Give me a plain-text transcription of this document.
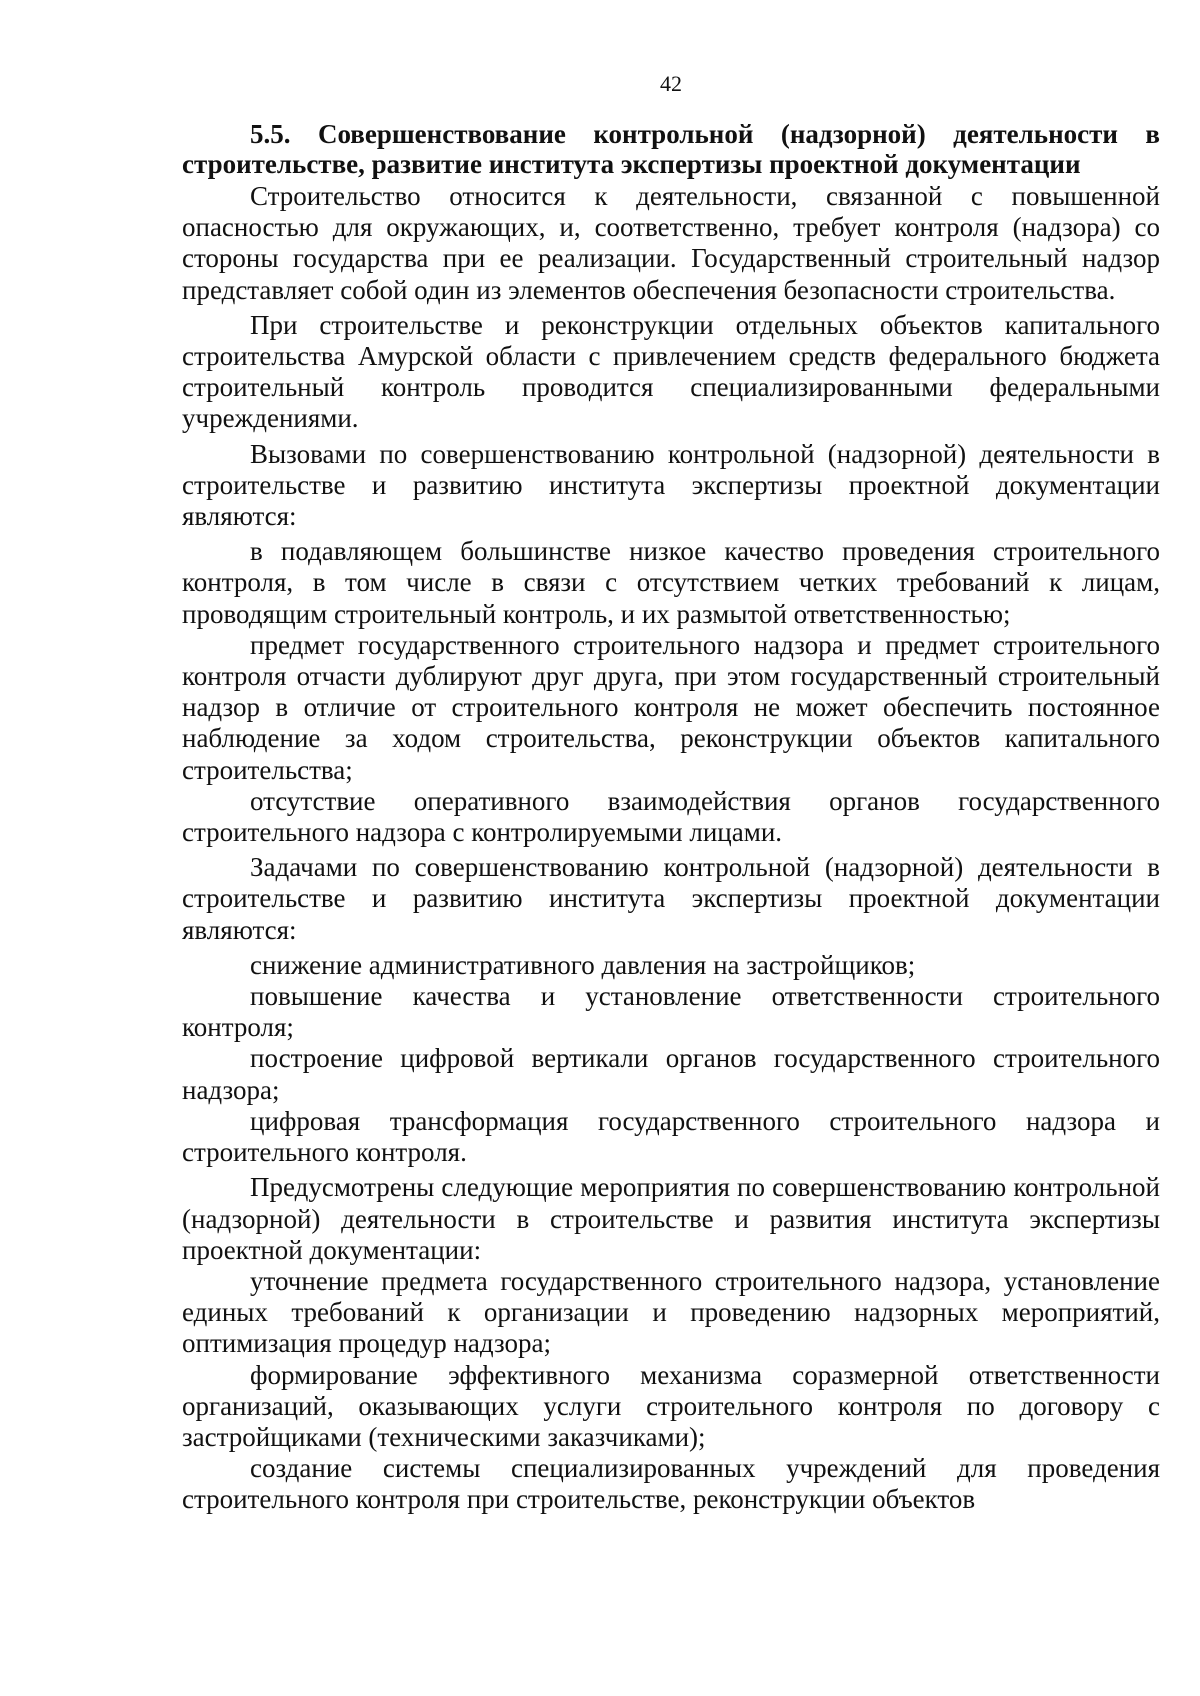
42
5.5. Совершенствование контрольной (надзорной) деятельности в строительстве, развитие института экспертизы проектной документации

Строительство относится к деятельности, связанной с повышенной опасностью для окружающих, и, соответственно, требует контроля (надзора) со стороны государства при ее реализации. Государственный строительный надзор представляет собой один из элементов обеспечения безопасности строительства.

При строительстве и реконструкции отдельных объектов капитального строительства Амурской области с привлечением средств федерального бюджета строительный контроль проводится специализированными федеральными учреждениями.

Вызовами по совершенствованию контрольной (надзорной) деятельности в строительстве и развитию института экспертизы проектной документации являются:

в подавляющем большинстве низкое качество проведения строительного контроля, в том числе в связи с отсутствием четких требований к лицам, проводящим строительный контроль, и их размытой ответственностью;

предмет государственного строительного надзора и предмет строительного контроля отчасти дублируют друг друга, при этом государственный строительный надзор в отличие от строительного контроля не может обеспечить постоянное наблюдение за ходом строительства, реконструкции объектов капитального строительства;

отсутствие оперативного взаимодействия органов государственного строительного надзора с контролируемыми лицами.

Задачами по совершенствованию контрольной (надзорной) деятельности в строительстве и развитию института экспертизы проектной документации являются:

снижение административного давления на застройщиков;

повышение качества и установление ответственности строительного контроля;

построение цифровой вертикали органов государственного строительного надзора;

цифровая трансформация государственного строительного надзора и строительного контроля.

Предусмотрены следующие мероприятия по совершенствованию контрольной (надзорной) деятельности в строительстве и развития института экспертизы проектной документации:

уточнение предмета государственного строительного надзора, установление единых требований к организации и проведению надзорных мероприятий, оптимизация процедур надзора;

формирование эффективного механизма соразмерной ответственности организаций, оказывающих услуги строительного контроля по договору с застройщиками (техническими заказчиками);

создание системы специализированных учреждений для проведения строительного контроля при строительстве, реконструкции объектов
